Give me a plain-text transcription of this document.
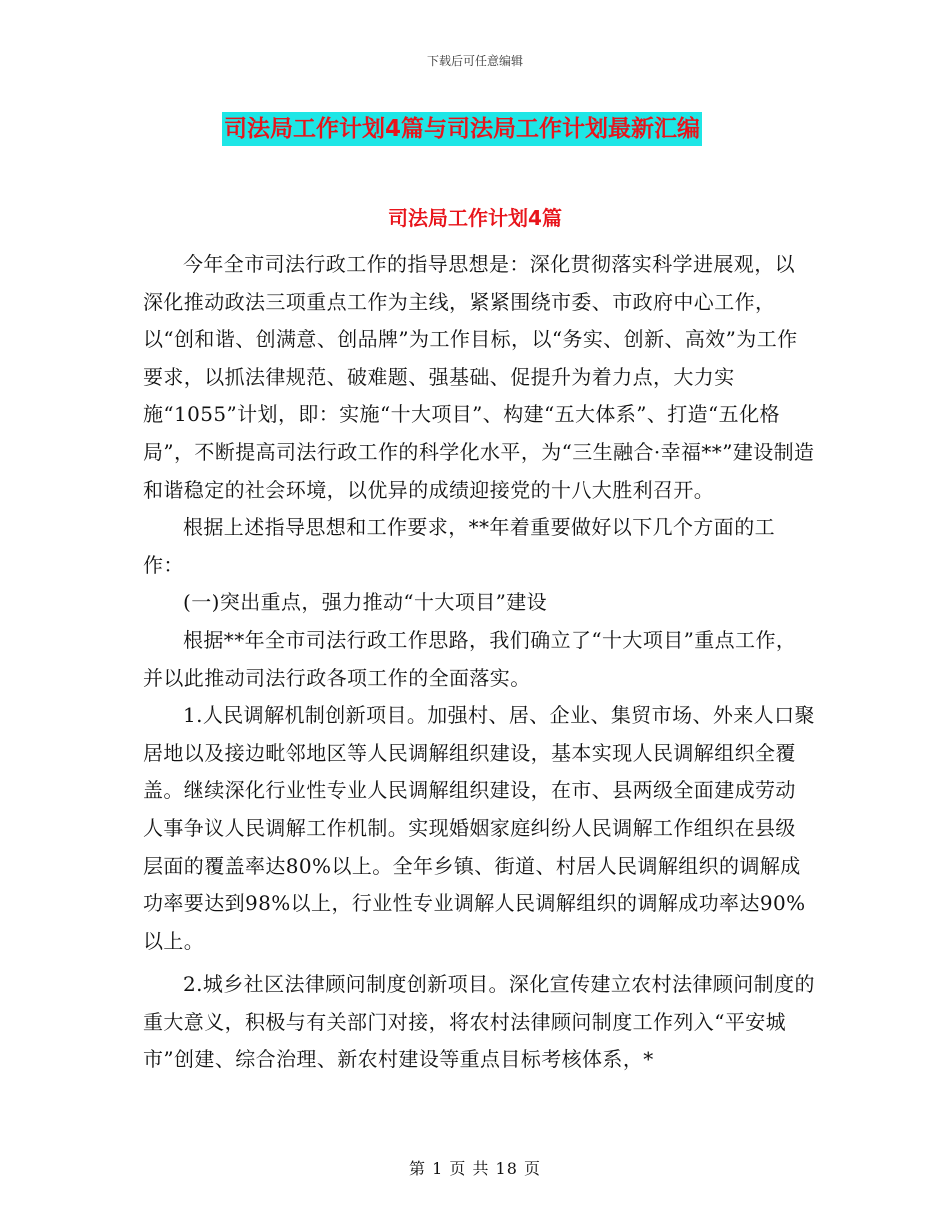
下载后可任意编辑
司法局工作计划4篇与司法局工作计划最新汇编
司法局工作计划4篇

今年全市司法行政工作的指导思想是：深化贯彻落实科学进展观，以深化推动政法三项重点工作为主线，紧紧围绕市委、市政府中心工作，以“创和谐、创满意、创品牌”为工作目标，以“务实、创新、高效”为工作要求，以抓法律规范、破难题、强基础、促提升为着力点，大力实施“1055”计划，即：实施“十大项目”、构建“五大体系”、打造“五化格局”，不断提高司法行政工作的科学化水平，为“三生融合·幸福**”建设制造和谐稳定的社会环境，以优异的成绩迎接党的十八大胜利召开。

根据上述指导思想和工作要求，**年着重要做好以下几个方面的工作：

(一)突出重点，强力推动“十大项目”建设

根据**年全市司法行政工作思路，我们确立了“十大项目”重点工作，并以此推动司法行政各项工作的全面落实。

1.人民调解机制创新项目。加强村、居、企业、集贸市场、外来人口聚居地以及接边毗邻地区等人民调解组织建设，基本实现人民调解组织全覆盖。继续深化行业性专业人民调解组织建设，在市、县两级全面建成劳动人事争议人民调解工作机制。实现婚姻家庭纠纷人民调解工作组织在县级层面的覆盖率达80%以上。全年乡镇、街道、村居人民调解组织的调解成功率要达到98%以上，行业性专业调解人民调解组织的调解成功率达90%以上。

2.城乡社区法律顾问制度创新项目。深化宣传建立农村法律顾问制度的重大意义，积极与有关部门对接，将农村法律顾问制度工作列入“平安城市”创建、综合治理、新农村建设等重点目标考核体系，*

第 1 页 共 18 页
